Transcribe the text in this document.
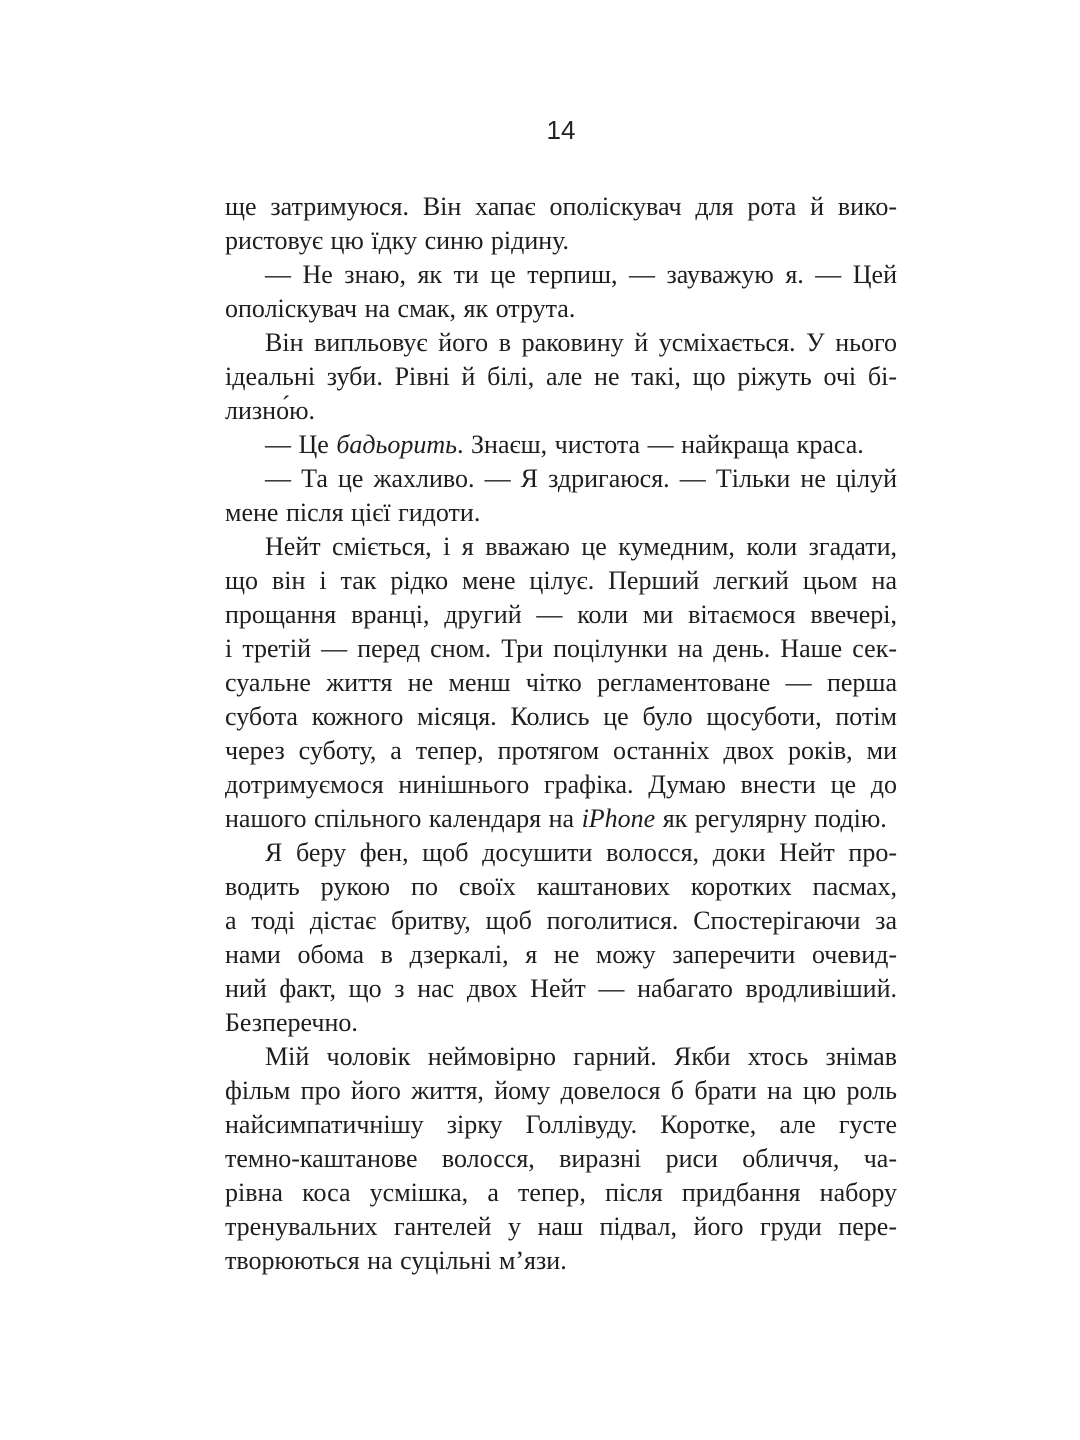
14
ще затримуюся. Він хапає ополіскувач для рота й вико-
ристовує цю їдку синю рідину.
— Не знаю, як ти це терпиш, — зауважую я. — Цей
ополіскувач на смак, як отрута.
Він випльовує його в раковину й усміхається. У нього
ідеальні зуби. Рівні й білі, але не такі, що ріжуть очі бі-
лизно́ю.
— Це бадьорить. Знаєш, чистота — найкраща краса.
— Та це жахливо. — Я здригаюся. — Тільки не цілуй
мене після цієї гидоти.
Нейт сміється, і я вважаю це кумедним, коли згадати,
що він і так рідко мене цілує. Перший легкий цьом на
прощання вранці, другий — коли ми вітаємося ввечері,
і третій — перед сном. Три поцілунки на день. Наше сек-
суальне життя не менш чітко регламентоване — перша
субота кожного місяця. Колись це було щосуботи, потім
через суботу, а тепер, протягом останніх двох років, ми
дотримуємося нинішнього графіка. Думаю внести це до
нашого спільного календаря на iPhone як регулярну подію.
Я беру фен, щоб досушити волосся, доки Нейт про-
водить рукою по своїх каштанових коротких пасмах,
а тоді дістає бритву, щоб поголитися. Спостерігаючи за
нами обома в дзеркалі, я не можу заперечити очевид-
ний факт, що з нас двох Нейт — набагато вродливіший.
Безперечно.
Мій чоловік неймовірно гарний. Якби хтось знімав
фільм про його життя, йому довелося б брати на цю роль
найсимпатичнішу зірку Голлівуду. Коротке, але густе
темно-каштанове волосся, виразні риси обличчя, ча-
рівна коса усмішка, а тепер, після придбання набору
тренувальних гантелей у наш підвал, його груди пере-
творюються на суцільні м’язи.
